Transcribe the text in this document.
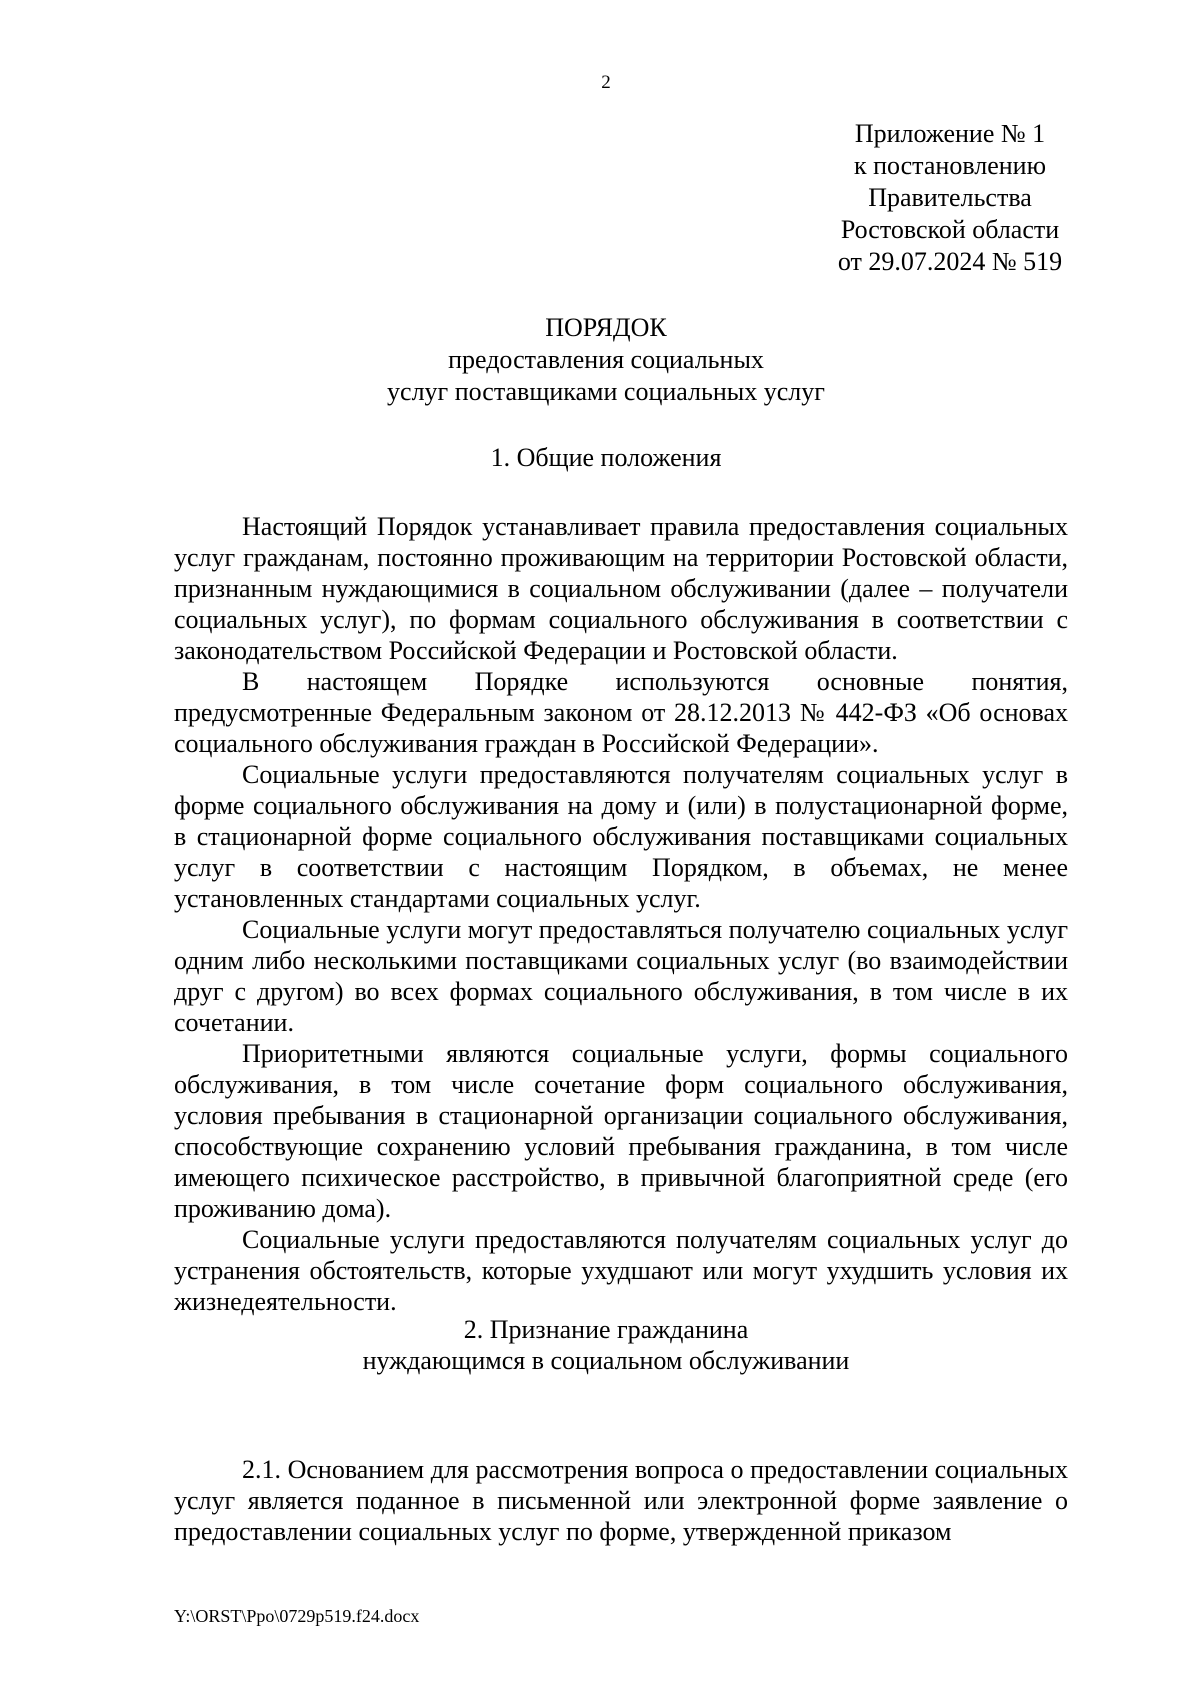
2
Приложение № 1
к постановлению
Правительства
Ростовской области
от 29.07.2024 № 519
ПОРЯДОК
предоставления социальных
услуг поставщиками социальных услуг
1. Общие положения

Настоящий Порядок устанавливает правила предоставления социальных услуг гражданам, постоянно проживающим на территории Ростовской области, признанным нуждающимися в социальном обслуживании (далее – получатели социальных услуг), по формам социального обслуживания в соответствии с законодательством Российской Федерации и Ростовской области.

В настоящем Порядке используются основные понятия, предусмотренные Федеральным законом от 28.12.2013 № 442-ФЗ «Об основах социального обслуживания граждан в Российской Федерации».

Социальные услуги предоставляются получателям социальных услуг в форме социального обслуживания на дому и (или) в полустационарной форме, в стационарной форме социального обслуживания поставщиками социальных услуг в соответствии с настоящим Порядком, в объемах, не менее установленных стандартами социальных услуг.

Социальные услуги могут предоставляться получателю социальных услуг одним либо несколькими поставщиками социальных услуг (во взаимодействии друг с другом) во всех формах социального обслуживания, в том числе в их сочетании.

Приоритетными являются социальные услуги, формы социального обслуживания, в том числе сочетание форм социального обслуживания, условия пребывания в стационарной организации социального обслуживания, способствующие сохранению условий пребывания гражданина, в том числе имеющего психическое расстройство, в привычной благоприятной среде (его проживанию дома).

Социальные услуги предоставляются получателям социальных услуг до устранения обстоятельств, которые ухудшают или могут ухудшить условия их жизнедеятельности.

2. Признание гражданина
нуждающимся в социальном обслуживании

2.1. Основанием для рассмотрения вопроса о предоставлении социальных услуг является поданное в письменной или электронной форме заявление о предоставлении социальных услуг по форме, утвержденной приказом

Y:\ORST\Ppo\0729p519.f24.docx
